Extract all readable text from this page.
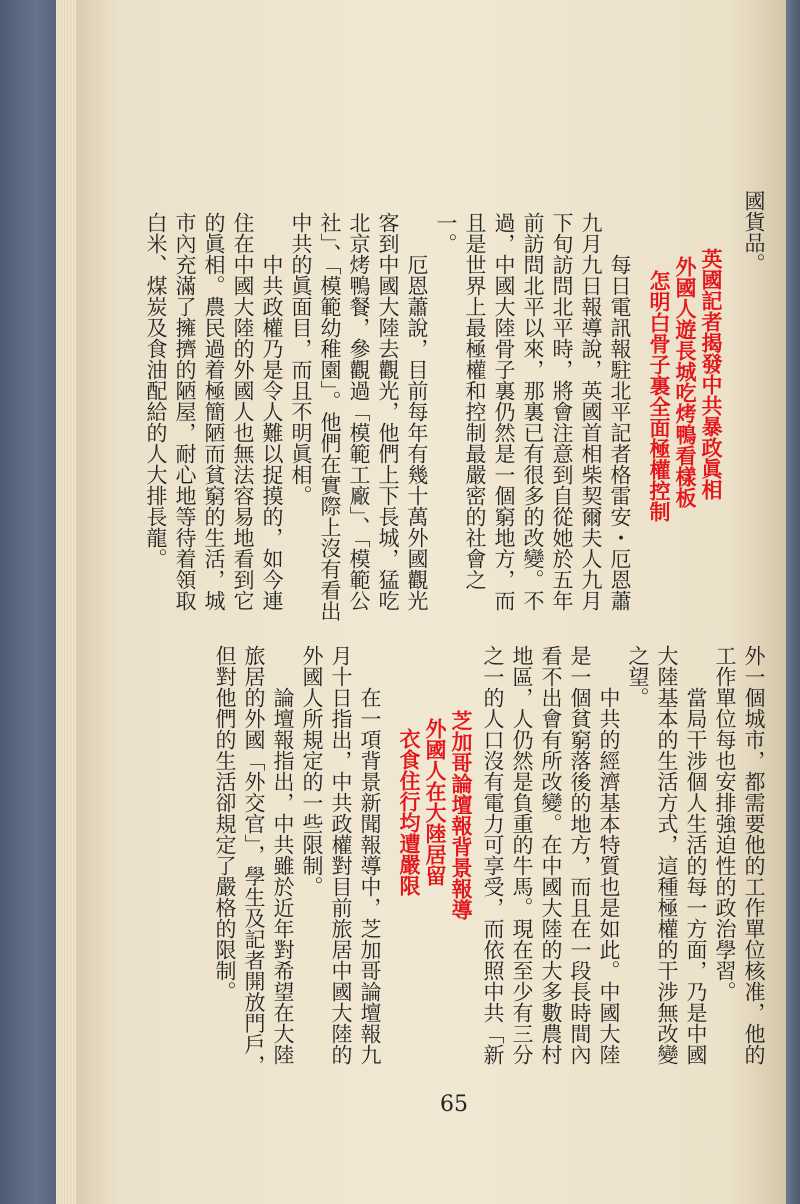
國貨品。

英國記者揭發中共暴政眞相
外國人遊長城吃烤鴨看樣板
怎明白骨子裏全面極權控制

每日電訊報駐北平記者格雷安・厄恩蕭九月九日報導說，英國首相柴契爾夫人九月下旬訪問北平時，將會注意到自從她於五年前訪問北平以來，那裏已有很多的改變。不過，中國大陸骨子裏仍然是一個窮地方，而且是世界上最極權和控制最嚴密的社會之一。

厄恩蕭說，目前每年有幾十萬外國觀光客到中國大陸去觀光，他們上下長城，猛吃北京烤鴨餐，參觀過「模範工廠」、「模範公社」、「模範幼稚園」。他們在實際上沒有看出中共的眞面目，而且不明眞相。

中共政權乃是令人難以捉摸的，如今連住在中國大陸的外國人也無法容易地看到它的眞相。農民過着極簡陋而貧窮的生活，城市內充滿了擁擠的陋屋，耐心地等待着領取白米、煤炭及食油配給的人大排長龍。

外一個城市，都需要他的工作單位核准，他的工作單位每也安排強迫性的政治學習。

當局干涉個人生活的每一方面，乃是中國大陸基本的生活方式，這種極權的干涉無改變之望。

中共的經濟基本特質也是如此。中國大陸是一個貧窮落後的地方，而且在一段長時間內看不出會有所改變。在中國大陸的大多數農村地區，人仍然是負重的牛馬。現在至少有三分之一的人口沒有電力可享受，而依照中共「新

芝加哥論壇報背景報導
外國人在大陸居留
衣食住行均遭嚴限

在一項背景新聞報導中，芝加哥論壇報九月十日指出，中共政權對目前旅居中國大陸的外國人所規定的一些限制。

論壇報指出，中共雖於近年對希望在大陸旅居的外國「外交官」，學生及記者開放門戶，但對他們的生活卻規定了嚴格的限制。

65
